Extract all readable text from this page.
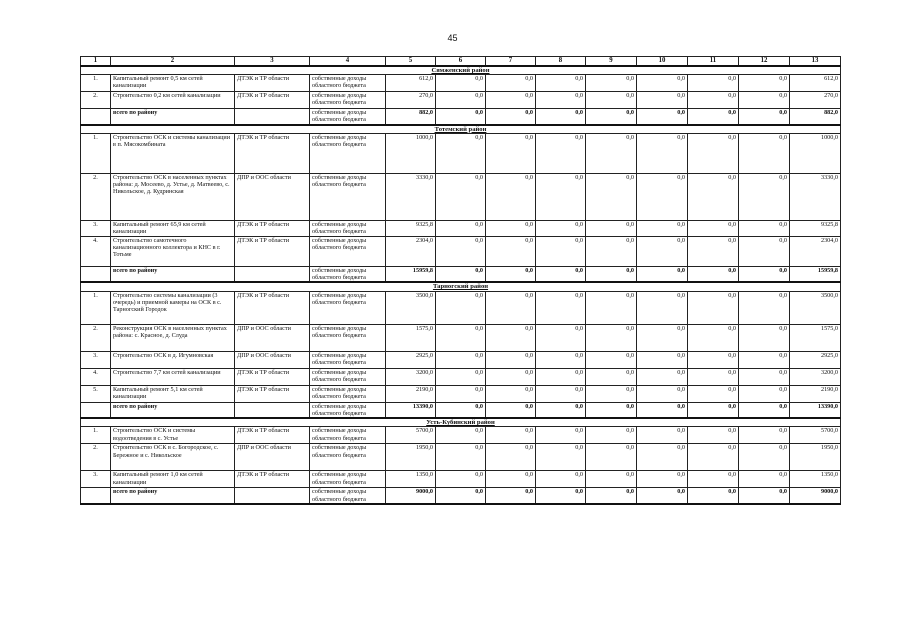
45
1	2	3	4	5	6	7	8	9	10	11	12	13
Сямженский район												
1.	Капитальный ремонт 0,5 км сетей канализации	ДТЭК и ТР области	собственные доходы областного бюджета	612,0	0,0	0,0	0,0	0,0	0,0	0,0	0,0	612,0
2.	Строительство 0,2 км сетей канализации	ДТЭК и ТР области	собственные доходы областного бюджета	270,0	0,0	0,0	0,0	0,0	0,0	0,0	0,0	270,0
	всего по району		собственные доходы областного бюджета	882,0	0,0	0,0	0,0	0,0	0,0	0,0	0,0	882,0
Тотемский район												
1.	Строительство ОСК и системы канализации в п. Мясокомбината	ДТЭК и ТР области	собственные доходы областного бюджета	1000,0	0,0	0,0	0,0	0,0	0,0	0,0	0,0	1000,0
2.	Строительство ОСК в населенных пунктах района: д. Мосеево, д. Устье, д. Матвеево, с. Никольское, д. Кудринская	ДПР и ООС области	собственные доходы областного бюджета	3330,0	0,0	0,0	0,0	0,0	0,0	0,0	0,0	3330,0
3.	Капитальный ремонт 65,9 км сетей канализации	ДТЭК и ТР области	собственные доходы областного бюджета	9325,8	0,0	0,0	0,0	0,0	0,0	0,0	0,0	9325,8
4.	Строительство самотечного канализационного коллектора и КНС в г. Тотьме	ДТЭК и ТР области	собственные доходы областного бюджета	2304,0	0,0	0,0	0,0	0,0	0,0	0,0	0,0	2304,0
	всего по району		собственные доходы областного бюджета	15959,8	0,0	0,0	0,0	0,0	0,0	0,0	0,0	15959,8
Тарногский район												
1.	Строительство системы канализации (3 очередь) и приемной камеры на ОСК в с. Тарногский Городок	ДТЭК и ТР области	собственные доходы областного бюджета	3500,0	0,0	0,0	0,0	0,0	0,0	0,0	0,0	3500,0
2.	Реконструкция ОСК в населенных пунктах района: с. Красное, д. Слуда	ДПР и ООС области	собственные доходы областного бюджета	1575,0	0,0	0,0	0,0	0,0	0,0	0,0	0,0	1575,0
3.	Строительство ОСК в д. Игумновская	ДПР и ООС области	собственные доходы областного бюджета	2925,0	0,0	0,0	0,0	0,0	0,0	0,0	0,0	2925,0
4.	Строительство 7,7 км сетей канализации	ДТЭК и ТР области	собственные доходы областного бюджета	3200,0	0,0	0,0	0,0	0,0	0,0	0,0	0,0	3200,0
5.	Капитальный ремонт 5,1 км сетей канализации	ДТЭК и ТР области	собственные доходы областного бюджета	2190,0	0,0	0,0	0,0	0,0	0,0	0,0	0,0	2190,0
	всего по району		собственные доходы областного бюджета	13390,0	0,0	0,0	0,0	0,0	0,0	0,0	0,0	13390,0
Усть-Кубинский район												
1.	Строительство ОСК и системы водоотведения в с. Устье	ДТЭК и ТР области	собственные доходы областного бюджета	5700,0	0,0	0,0	0,0	0,0	0,0	0,0	0,0	5700,0
2.	Строительство ОСК в с. Богородское, с. Бережное и с. Никольское	ДПР и ООС области	собственные доходы областного бюджета	1950,0	0,0	0,0	0,0	0,0	0,0	0,0	0,0	1950,0
3.	Капитальный ремонт 1,0 км сетей канализации	ДТЭК и ТР области	собственные доходы областного бюджета	1350,0	0,0	0,0	0,0	0,0	0,0	0,0	0,0	1350,0
	всего по району		собственные доходы областного бюджета	9000,0	0,0	0,0	0,0	0,0	0,0	0,0	0,0	9000,0
